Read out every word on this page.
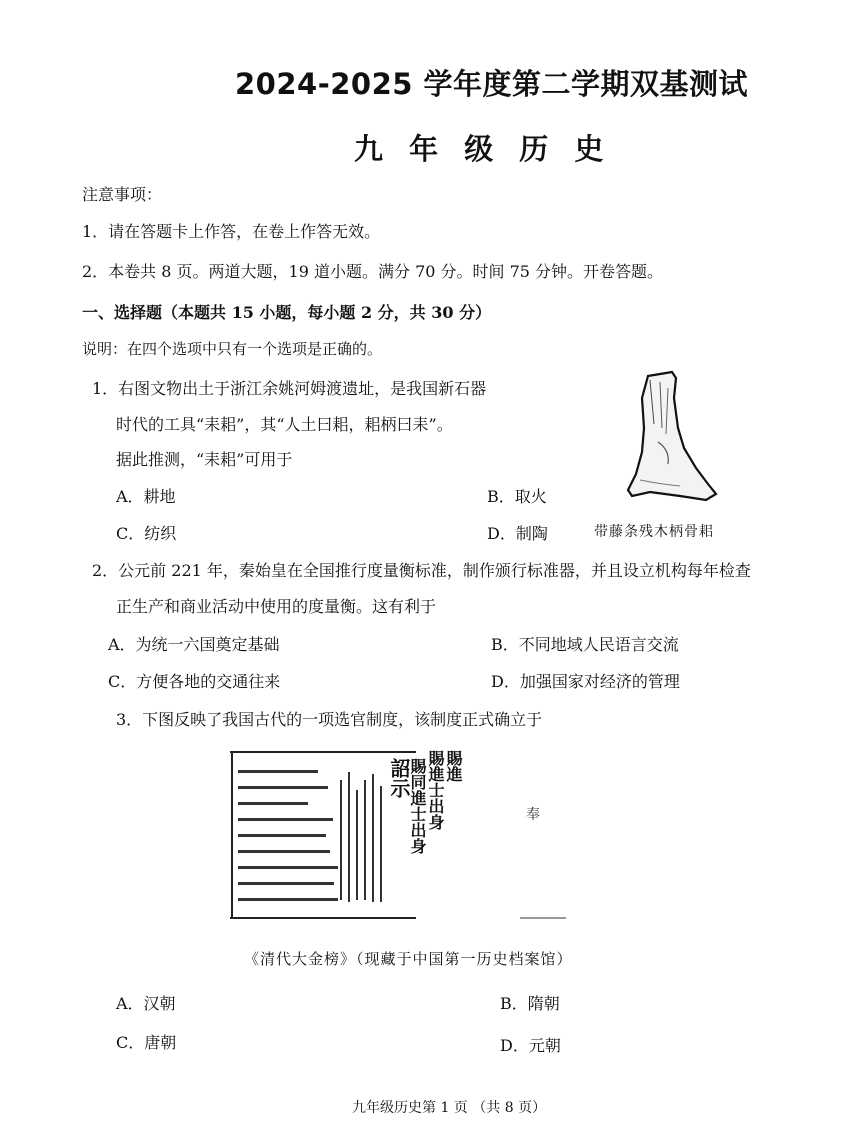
2024-2025 学年度第二学期双基测试
九 年 级 历 史
注意事项：
1．请在答题卡上作答，在卷上作答无效。
2．本卷共 8 页。两道大题，19 道小题。满分 70 分。时间 75 分钟。开卷答题。
一、选择题（本题共 15 小题，每小题 2 分，共 30 分）
说明：在四个选项中只有一个选项是正确的。
1．右图文物出土于浙江余姚河姆渡遗址，是我国新石器
时代的工具“耒耜”，其“人土曰耜，耜柄曰耒”。
据此推测，“耒耜”可用于
A．耕地	B．取火
C．纺织	D．制陶	带藤条残木柄骨耜
2．公元前 221 年，秦始皇在全国推行度量衡标准，制作颁行标准器，并且设立机构每年检查
正生产和商业活动中使用的度量衡。这有利于
A．为统一六国奠定基础	B．不同地域人民语言交流
C．方便各地的交通往来	D．加强国家对经济的管理
3．下图反映了我国古代的一项选官制度，该制度正式确立于
詔示
賜同進士出身 賜進士出身 賜進
奉
《清代大金榜》（现藏于中国第一历史档案馆）
A．汉朝	B．隋朝
C．唐朝	D．元朝
九年级历史第 1 页 （共 8 页）
